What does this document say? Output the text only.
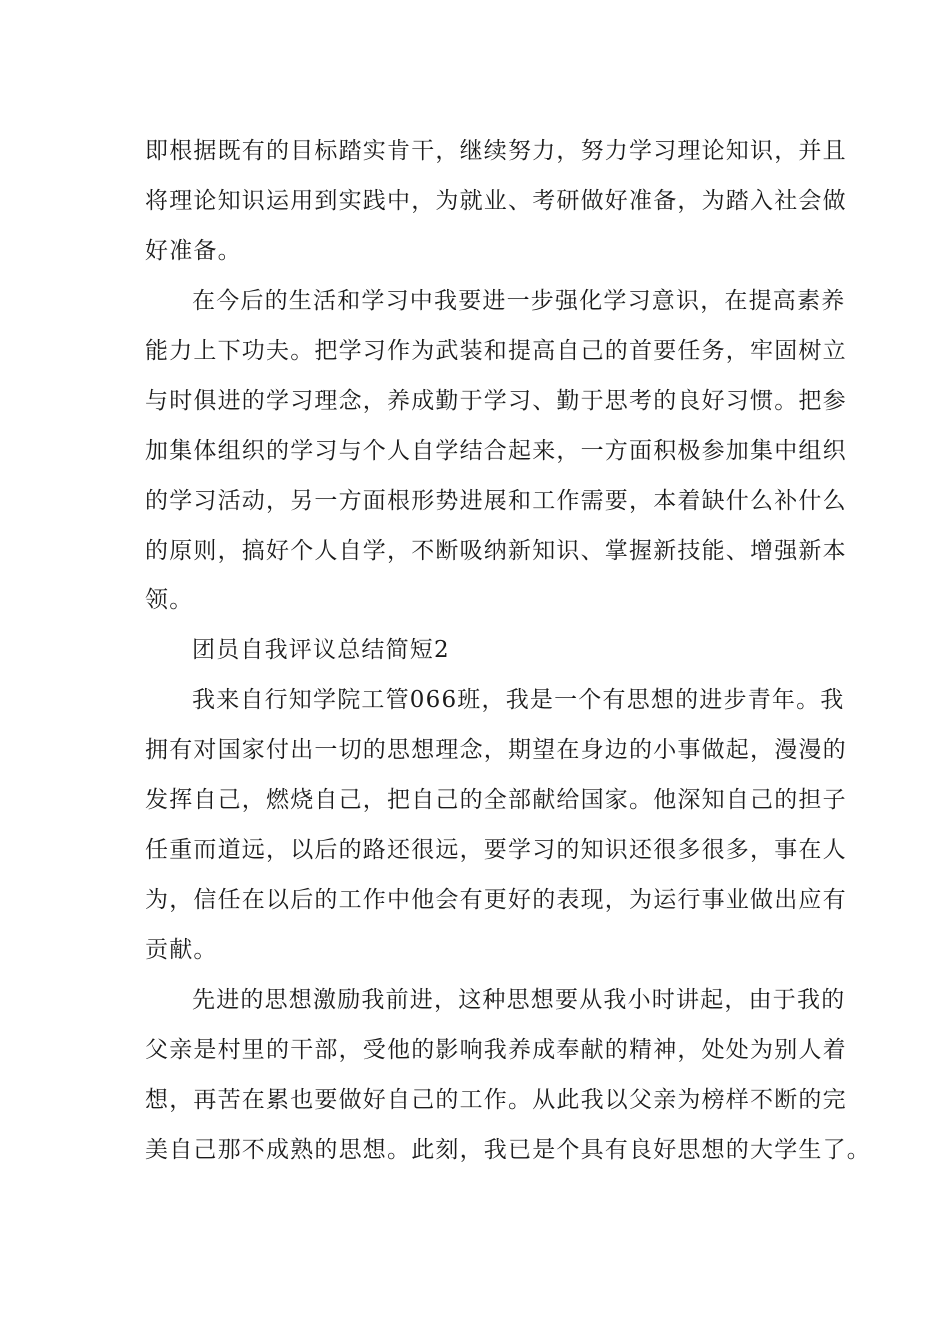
即根据既有的目标踏实肯干，继续努力，努力学习理论知识，并且
将理论知识运用到实践中，为就业、考研做好准备，为踏入社会做
好准备。
在今后的生活和学习中我要进一步强化学习意识，在提高素养
能力上下功夫。把学习作为武装和提高自己的首要任务，牢固树立
与时俱进的学习理念，养成勤于学习、勤于思考的良好习惯。把参
加集体组织的学习与个人自学结合起来，一方面积极参加集中组织
的学习活动，另一方面根形势进展和工作需要，本着缺什么补什么
的原则，搞好个人自学，不断吸纳新知识、掌握新技能、增强新本
领。
团员自我评议总结简短2
我来自行知学院工管066班，我是一个有思想的进步青年。我
拥有对国家付出一切的思想理念，期望在身边的小事做起，漫漫的
发挥自己，燃烧自己，把自己的全部献给国家。他深知自己的担子
任重而道远，以后的路还很远，要学习的知识还很多很多，事在人
为，信任在以后的工作中他会有更好的表现，为运行事业做出应有
贡献。
先进的思想激励我前进，这种思想要从我小时讲起，由于我的
父亲是村里的干部，受他的影响我养成奉献的精神，处处为别人着
想，再苦在累也要做好自己的工作。从此我以父亲为榜样不断的完
美自己那不成熟的思想。此刻，我已是个具有良好思想的大学生了。
